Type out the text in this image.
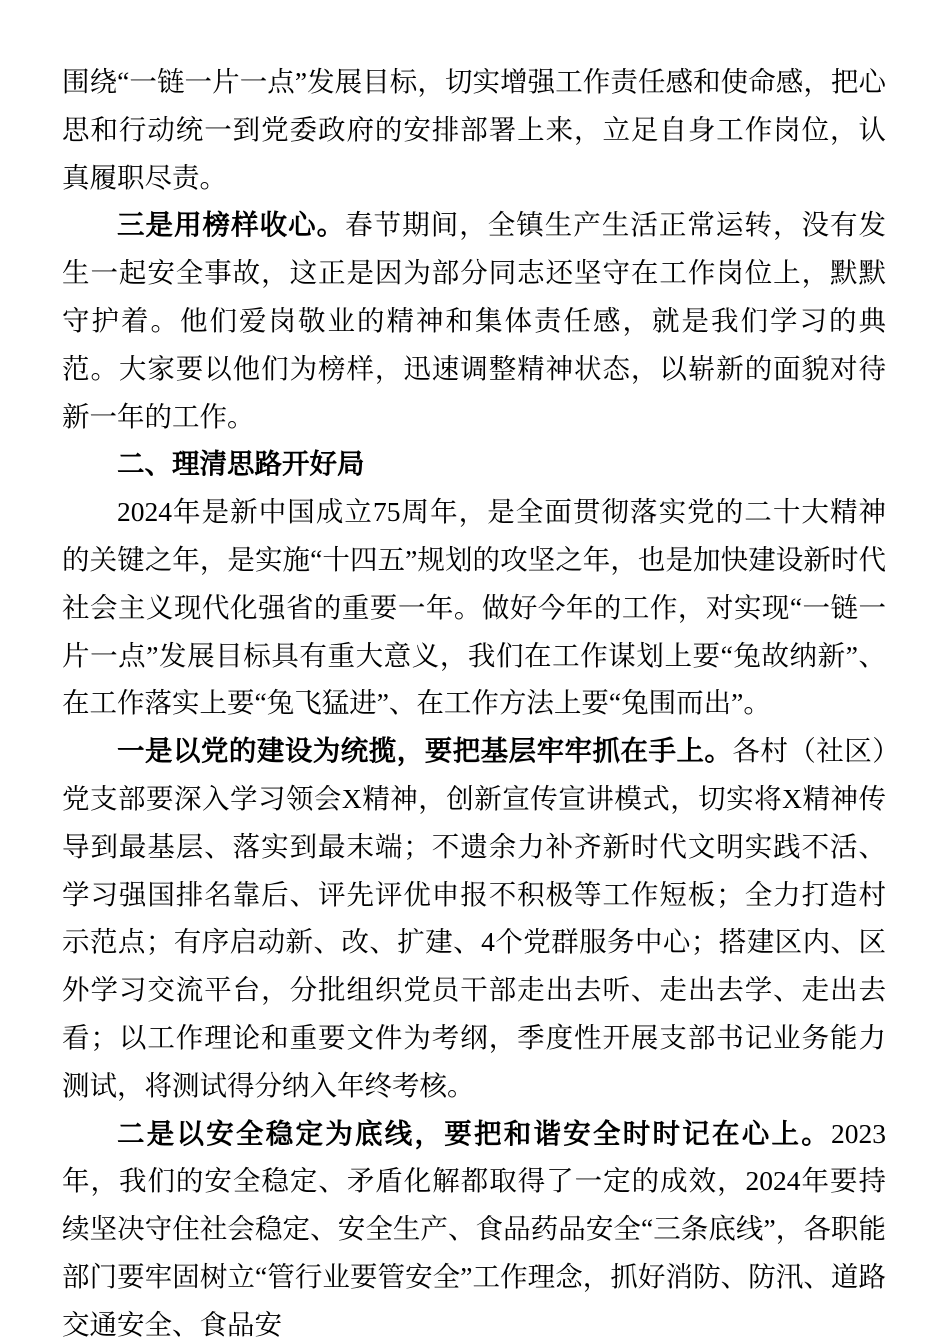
围绕“一链一片一点”发展目标，切实增强工作责任感和使命感，把心思和行动统一到党委政府的安排部署上来，立足自身工作岗位，认真履职尽责。

三是用榜样收心。春节期间，全镇生产生活正常运转，没有发生一起安全事故，这正是因为部分同志还坚守在工作岗位上，默默守护着。他们爱岗敬业的精神和集体责任感，就是我们学习的典范。大家要以他们为榜样，迅速调整精神状态，以崭新的面貌对待新一年的工作。

二、理清思路开好局

2024年是新中国成立75周年，是全面贯彻落实党的二十大精神的关键之年，是实施“十四五”规划的攻坚之年，也是加快建设新时代社会主义现代化强省的重要一年。做好今年的工作，对实现“一链一片一点”发展目标具有重大意义，我们在工作谋划上要“兔故纳新”、在工作落实上要“兔飞猛进”、在工作方法上要“兔围而出”。

一是以党的建设为统揽，要把基层牢牢抓在手上。各村（社区）党支部要深入学习领会X精神，创新宣传宣讲模式，切实将X精神传导到最基层、落实到最末端；不遗余力补齐新时代文明实践不活、学习强国排名靠后、评先评优申报不积极等工作短板；全力打造村示范点；有序启动新、改、扩建、4个党群服务中心；搭建区内、区外学习交流平台，分批组织党员干部走出去听、走出去学、走出去看；以工作理论和重要文件为考纲，季度性开展支部书记业务能力测试，将测试得分纳入年终考核。

二是以安全稳定为底线，要把和谐安全时时记在心上。2023年，我们的安全稳定、矛盾化解都取得了一定的成效，2024年要持续坚决守住社会稳定、安全生产、食品药品安全“三条底线”，各职能部门要牢固树立“管行业要管安全”工作理念，抓好消防、防汛、道路交通安全、食品安
